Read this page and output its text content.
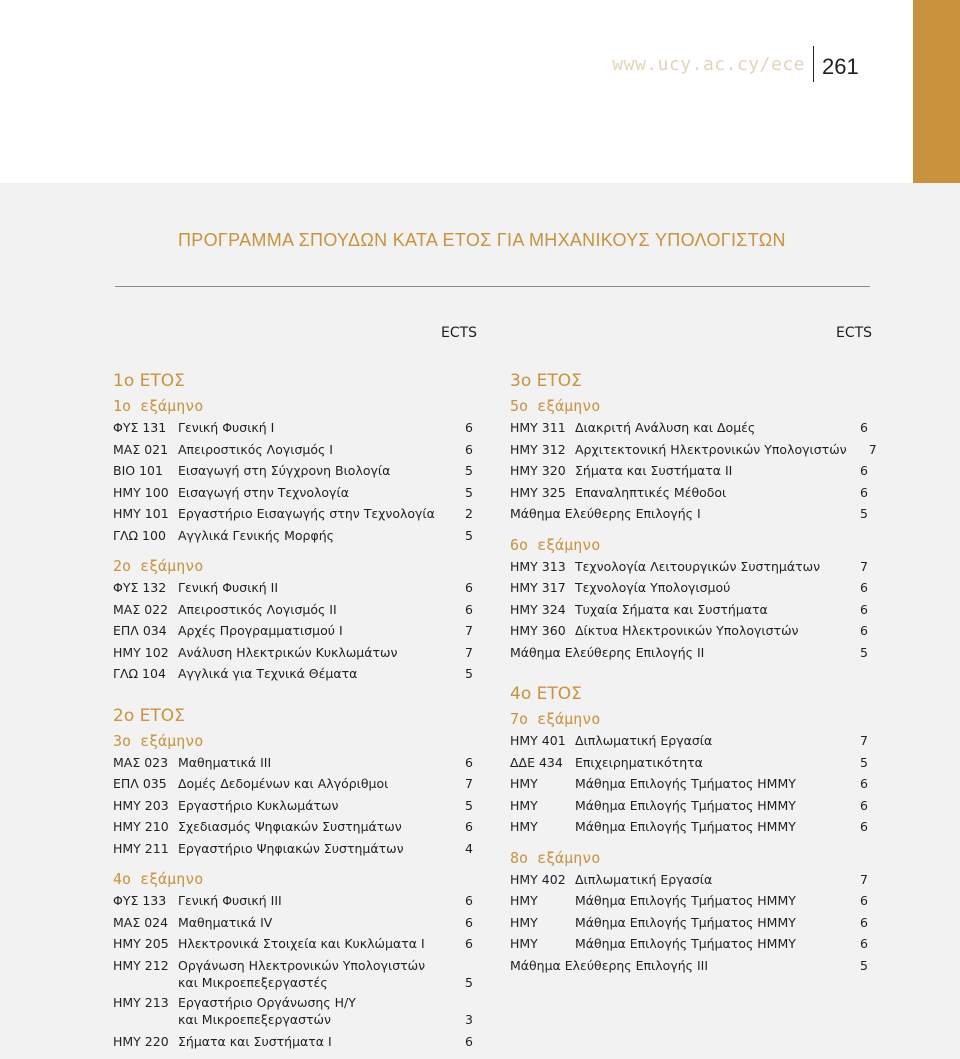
www.ucy.ac.cy/ece 261
ΠΡΟΓΡΑΜΜΑ ΣΠΟΥΔΩΝ ΚΑΤΑ ΕΤΟΣ ΓΙΑ ΜΗΧΑΝΙΚΟΥΣ ΥΠΟΛΟΓΙΣΤΩΝ
ECTS	ECTS
1ο ΕΤΟΣ
1ο εξάμηνο
ΦΥΣ 131 Γενική Φυσική Ι	6
ΜΑΣ 021 Απειροστικός Λογισμός Ι	6
ΒΙΟ 101	Εισαγωγή στη Σύγχρονη Βιολογία	5
ΗΜΥ 100 Εισαγωγή στην Τεχνολογία	5
ΗΜΥ 101 Εργαστήριο Εισαγωγής στην Τεχνολογία	2
ΓΛΩ 100 Αγγλικά Γενικής Μορφής	5
2ο εξάμηνο
ΦΥΣ 132 Γενική Φυσική ΙΙ	6
ΜΑΣ 022 Απειροστικός Λογισμός ΙΙ	6
ΕΠΛ 034 Αρχές Προγραμματισμού Ι	7
ΗΜΥ 102 Ανάλυση Ηλεκτρικών Κυκλωμάτων	7
ΓΛΩ 104 Αγγλικά για Τεχνικά Θέματα	5
2ο ΕΤΟΣ
3ο εξάμηνο
ΜΑΣ 023 Μαθηματικά ΙΙΙ	6
ΕΠΛ 035 Δομές Δεδομένων και Αλγόριθμοι	7
ΗΜΥ 203 Εργαστήριο Κυκλωμάτων	5
ΗΜΥ 210 Σχεδιασμός Ψηφιακών Συστημάτων	6
ΗΜΥ 211 Εργαστήριο Ψηφιακών Συστημάτων	4
4ο εξάμηνο
ΦΥΣ 133 Γενική Φυσική ΙΙΙ	6
ΜΑΣ 024 Μαθηματικά ΙV	6
ΗΜΥ 205 Ηλεκτρονικά Στοιχεία και Κυκλώματα Ι	6
ΗΜΥ 212 Οργάνωση Ηλεκτρονικών Υπολογιστών
και Μικροεπεξεργαστές	5
ΗΜΥ 213 Εργαστήριο Οργάνωσης Η/Υ
και Μικροεπεξεργαστών	3
ΗΜΥ 220 Σήματα και Συστήματα Ι	6
3ο ΕΤΟΣ
5ο εξάμηνο
ΗΜΥ 311 Διακριτή Ανάλυση και Δομές	6
ΗΜΥ 312 Αρχιτεκτονική Ηλεκτρονικών Υπολογιστών	7
ΗΜΥ 320 Σήματα και Συστήματα ΙΙ	6
ΗΜΥ 325 Επαναληπτικές Μέθοδοι	6
Μάθημα Ελεύθερης Επιλογής Ι	5
6ο εξάμηνο
ΗΜΥ 313 Τεχνολογία Λειτουργικών Συστημάτων	7
ΗΜΥ 317 Τεχνολογία Υπολογισμού	6
ΗΜΥ 324 Τυχαία Σήματα και Συστήματα	6
ΗΜΥ 360 Δίκτυα Ηλεκτρονικών Υπολογιστών	6
Μάθημα Ελεύθερης Επιλογής ΙΙ	5
4ο ΕΤΟΣ
7ο εξάμηνο
ΗΜΥ 401 Διπλωματική Εργασία	7
ΔΔΕ 434 Επιχειρηματικότητα	5
ΗΜΥ	Μάθημα Επιλογής Τμήματος ΗΜΜΥ	6
ΗΜΥ	Μάθημα Επιλογής Τμήματος ΗΜΜΥ	6
ΗΜΥ	Μάθημα Επιλογής Τμήματος ΗΜΜΥ	6
8ο εξάμηνο
ΗΜΥ 402 Διπλωματική Εργασία	7
ΗΜΥ	Μάθημα Επιλογής Τμήματος ΗΜΜΥ	6
ΗΜΥ	Μάθημα Επιλογής Τμήματος ΗΜΜΥ	6
ΗΜΥ	Μάθημα Επιλογής Τμήματος ΗΜΜΥ	6
Μάθημα Ελεύθερης Επιλογής ΙΙΙ	5
